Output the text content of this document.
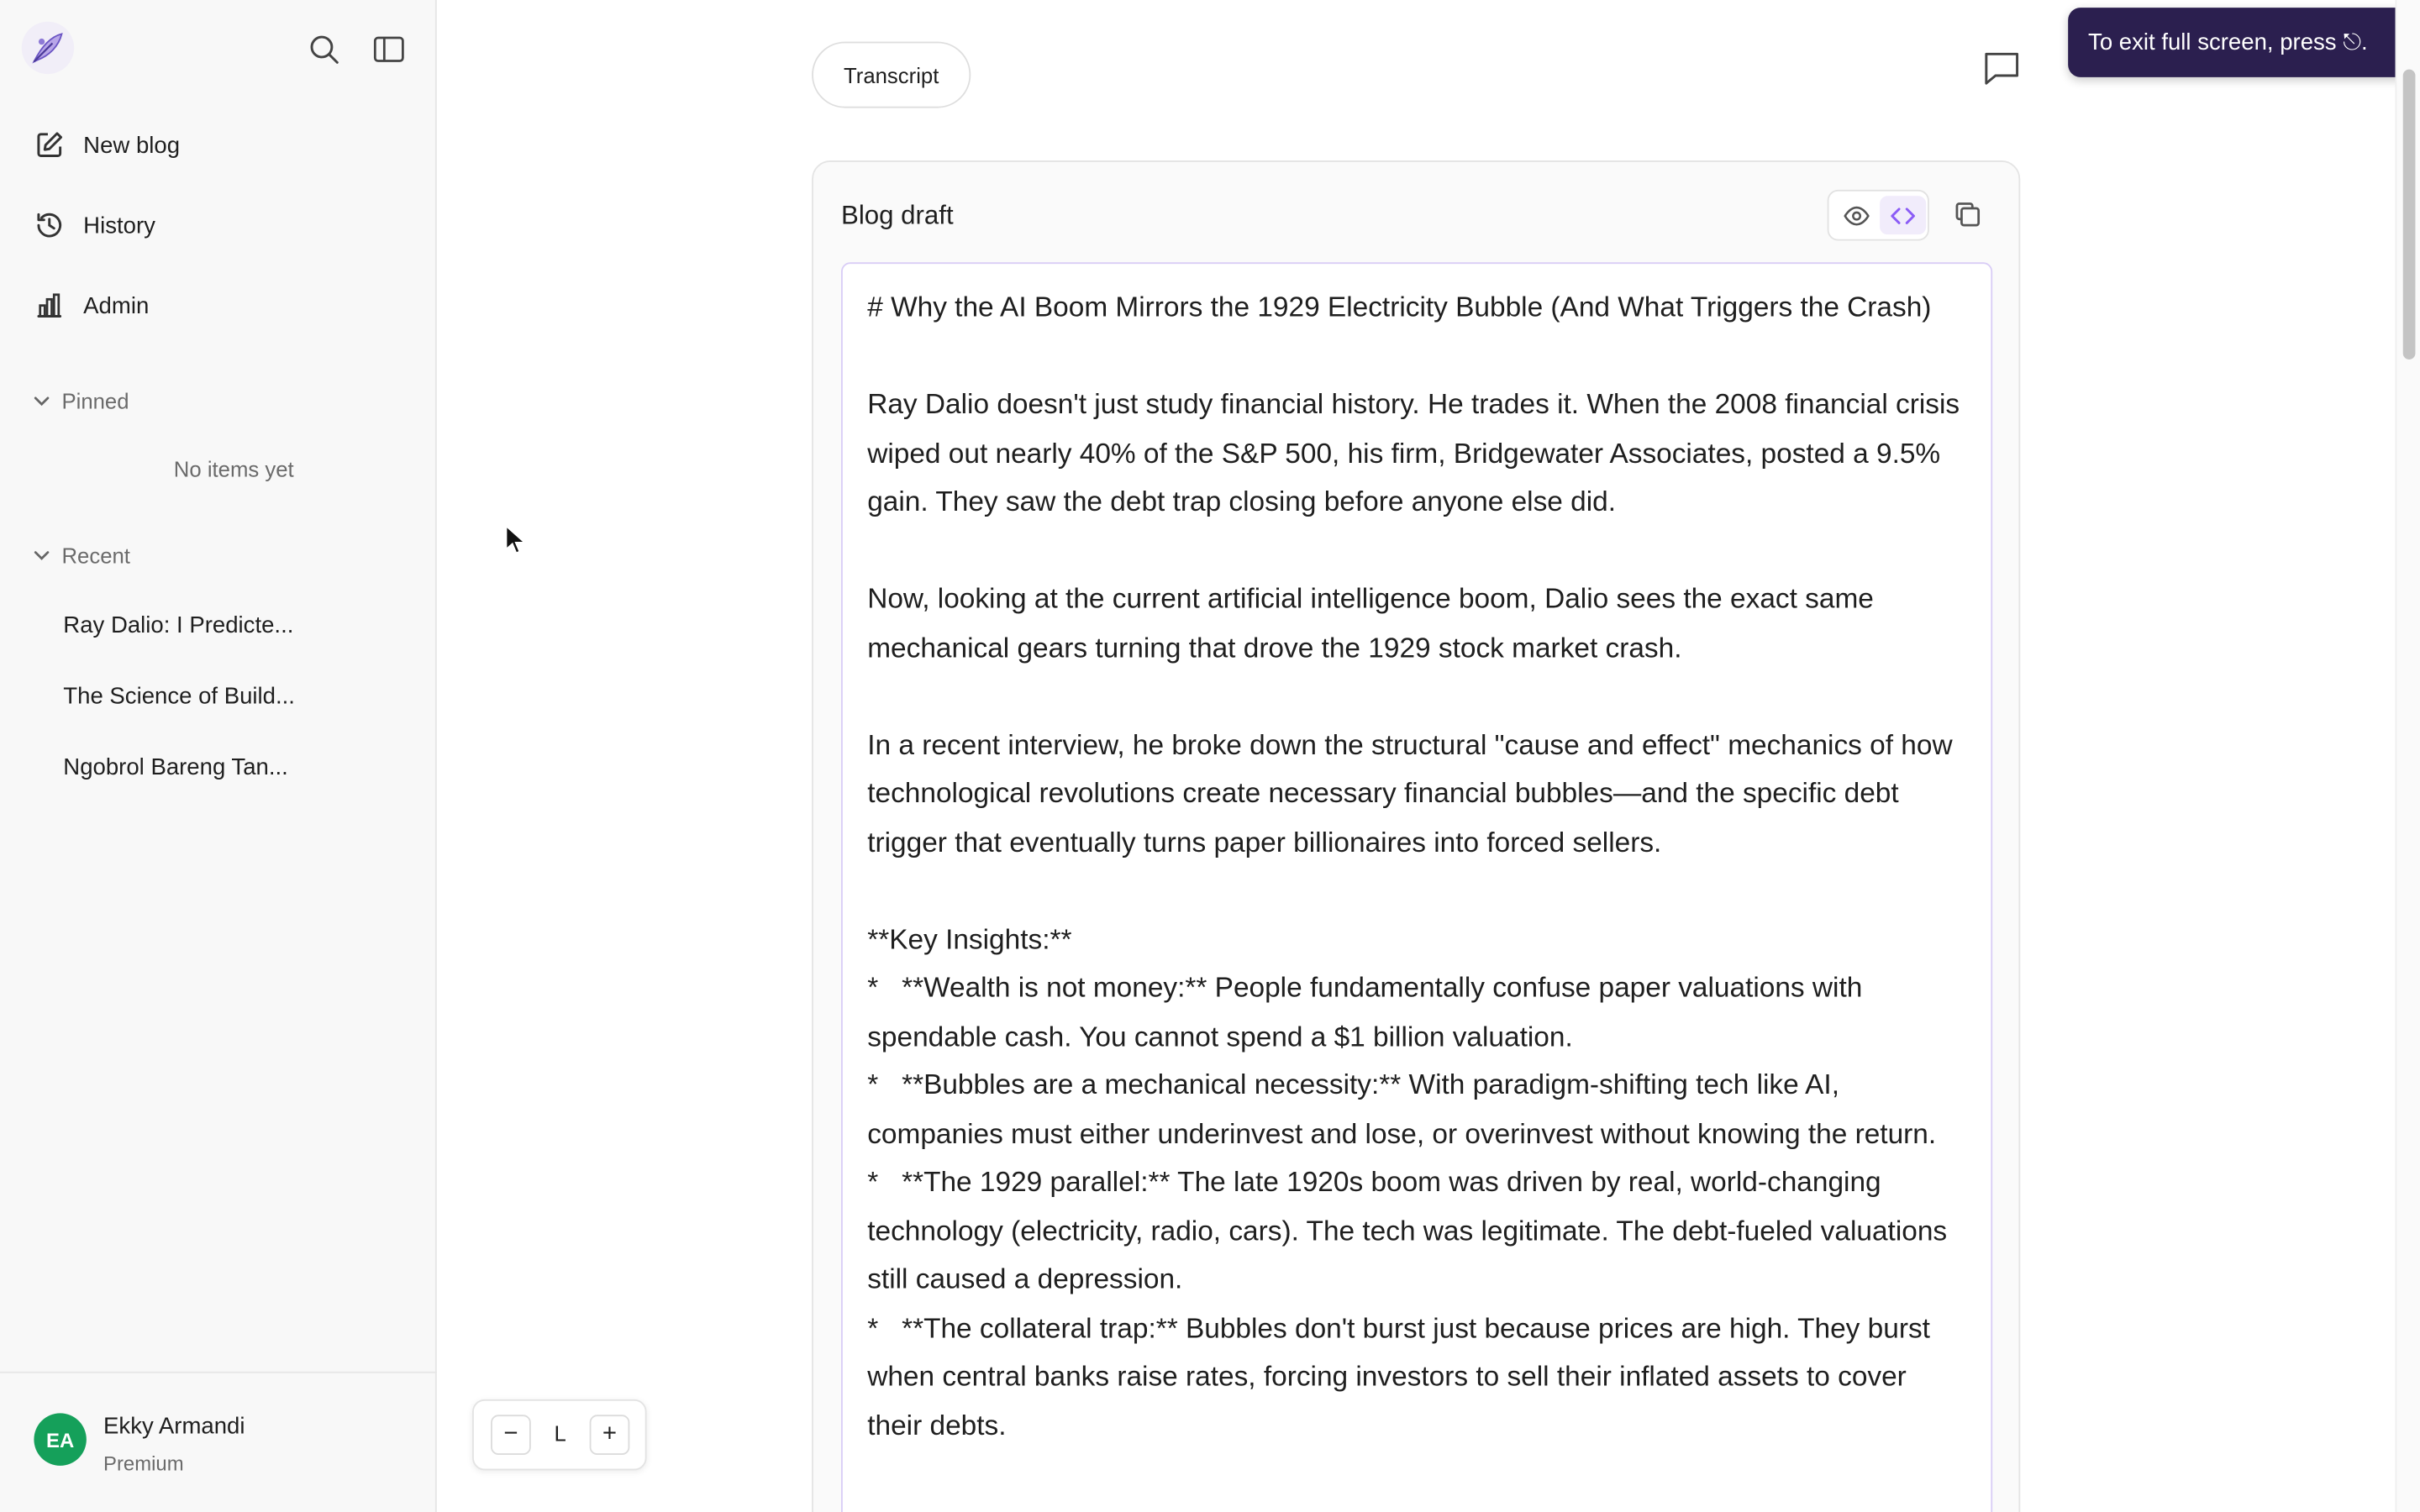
New blog
History
Admin
Pinned
No items yet
Recent
Ray Dalio: I Predicte...
The Science of Build...
Ngobrol Bareng Tan...
EA	Ekky Armandi
Premium
−	L	+
Transcript
To exit full screen, press ⎋.
Blog draft

# Why the AI Boom Mirrors the 1929 Electricity Bubble (And What Triggers the Crash)

Ray Dalio doesn't just study financial history. He trades it. When the 2008 financial crisis wiped out nearly 40% of the S&P 500, his firm, Bridgewater Associates, posted a 9.5% gain. They saw the debt trap closing before anyone else did.

Now, looking at the current artificial intelligence boom, Dalio sees the exact same mechanical gears turning that drove the 1929 stock market crash.

In a recent interview, he broke down the structural "cause and effect" mechanics of how technological revolutions create necessary financial bubbles—and the specific debt trigger that eventually turns paper billionaires into forced sellers.

**Key Insights:**

*   **Wealth is not money:** People fundamentally confuse paper valuations with spendable cash. You cannot spend a $1 billion valuation.

*   **Bubbles are a mechanical necessity:** With paradigm-shifting tech like AI, companies must either underinvest and lose, or overinvest without knowing the return.

*   **The 1929 parallel:** The late 1920s boom was driven by real, world-changing technology (electricity, radio, cars). The tech was legitimate. The debt-fueled valuations still caused a depression.

*   **The collateral trap:** Bubbles don't burst just because prices are high. They burst when central banks raise rates, forcing investors to sell their inflated assets to cover their debts.
